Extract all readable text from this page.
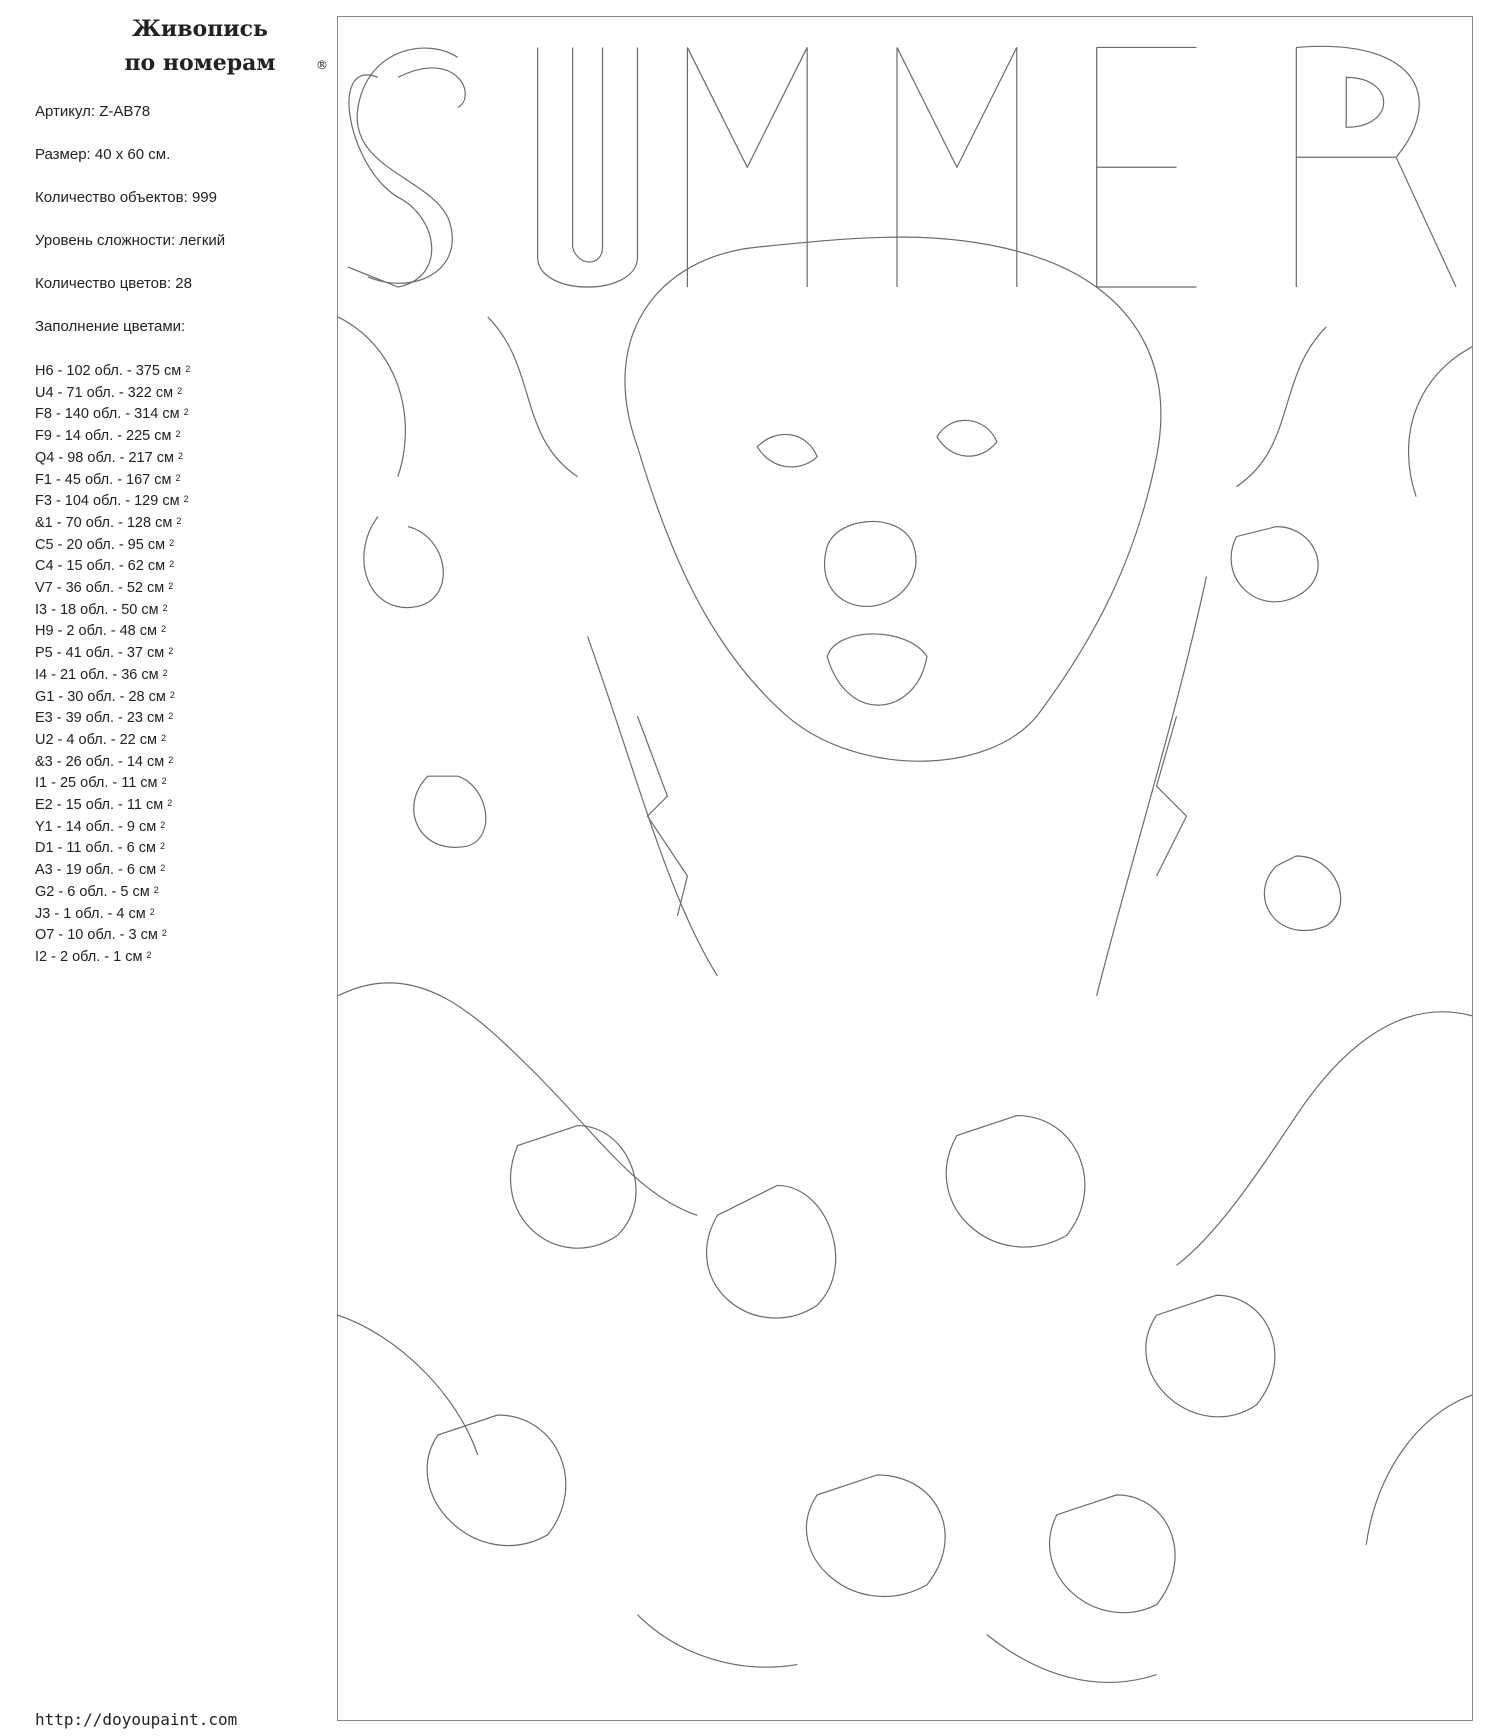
Живопись
по номерам	®
Артикул: Z-AB78
Размер: 40 x 60 см.
Количество объектов: 999
Уровень сложности: легкий
Количество цветов: 28
Заполнение цветами:
H6 - 102 обл. - 375 см $^2$
U4 - 71 обл. - 322 см $^2$
F8 - 140 обл. - 314 см $^2$
F9 - 14 обл. - 225 см $^2$
Q4 - 98 обл. - 217 см $^2$
F1 - 45 обл. - 167 см $^2$
F3 - 104 обл. - 129 см $^2$
&1 - 70 обл. - 128 см $^2$
C5 - 20 обл. - 95 см $^2$
C4 - 15 обл. - 62 см $^2$
V7 - 36 обл. - 52 см $^2$
I3 - 18 обл. - 50 см $^2$
H9 - 2 обл. - 48 см $^2$
P5 - 41 обл. - 37 см $^2$
I4 - 21 обл. - 36 см $^2$
G1 - 30 обл. - 28 см $^2$
E3 - 39 обл. - 23 см $^2$
U2 - 4 обл. - 22 см $^2$
&3 - 26 обл. - 14 см $^2$
I1 - 25 обл. - 11 см $^2$
E2 - 15 обл. - 11 см $^2$
Y1 - 14 обл. - 9 см $^2$
D1 - 11 обл. - 6 см $^2$
A3 - 19 обл. - 6 см $^2$
G2 - 6 обл. - 5 см $^2$
J3 - 1 обл. - 4 см $^2$
O7 - 10 обл. - 3 см $^2$
I2 - 2 обл. - 1 см $^2$
http://doyoupaint.com
